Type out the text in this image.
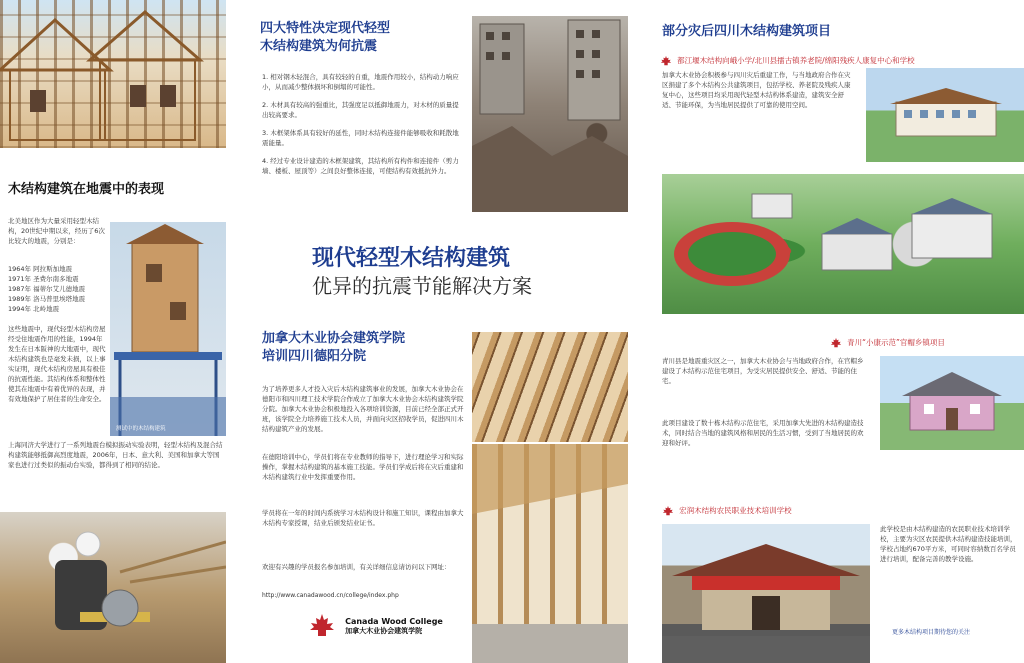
木结构建筑在地震中的表现
北美地区作为大量采用轻型木结构，20世纪中期以来，经历了6次比较大的地震，分别是：
1964年 阿拉斯加地震
1971年 圣费尔南多地震
1987年 福蒂尔艾儿德地震
1989年 洛马普里埃塔地震
1994年 北岭地震
这些地震中，现代轻型木结构房屋经受住地震作用的性能，1994年发生在日本阪神的大地震中，现代木结构建筑也是毫发未损，以上事实证明，现代木结构房屋具有极佳的抗震性能。其结构体系和整体性使其在地震中有着优异的表现，并有效地保护了居住者的生命安全。
测试中的木结构建筑
上海同济大学进行了一系列地震台模拟振动实验表明，轻型木结构及混合结构建筑能够抵御高烈度地震，2006年，日本、意大利、美国和加拿大等国家也进行过类似的振动台实验，都得到了相同的结论。
四大特性决定现代轻型
木结构建筑为何抗震
1. 相对钢木轻混合，具有较轻的自重，地震作用较小，结构动力响应小，从而减少整体损坏和倒塌的可能性。
2. 木材具有较高的强重比，其强度足以抵御地震力，对木材的质量提出较高要求。
3. 木框架体系具有较好的延性，同时木结构连接件能够吸收和耗散地震能量。
4. 经过专业设计建造的木框架建筑，其结构所有构件和连接件（剪力墙、楼板、屋顶等）之间良好整体连接，可使结构有效抵抗外力。
现代轻型木结构建筑
优异的抗震节能解决方案
加拿大木业协会建筑学院
培训四川德阳分院
为了培养更多人才投入灾后木结构建筑事业的发展，加拿大木业协会在德阳市和四川理工技术学院合作成立了加拿大木业协会木结构建筑学院分院。加拿大木业协会积极地投入各项培训资源，目前已经全部正式开班，该学院全力培养施工技术人员，并面向灾区招收学员，促进四川木结构建筑产业的发展。
在德阳培训中心，学员们将在专业教师的指导下，进行理论学习和实际操作，掌握木结构建筑的基本施工技能。学员们学成后将在灾后重建和木结构建筑行业中发挥重要作用。
学员将在一年的时间内系统学习木结构设计和施工知识，课程由加拿大木结构专家授课，结业后颁发结业证书。
欢迎有兴趣的学员报名参加培训，有关详细信息请访问以下网址：
http://www.canadawood.cn/college/index.php

Canada Wood College
加拿大木业协会建筑学院
部分灾后四川木结构建筑项目
都江堰木结构向峨小学/北川县擂古镇养老院/绵阳残疾人康复中心和学校
加拿大木业协会积极参与四川灾后重建工作，与当地政府合作在灾区捐建了多个木结构公共建筑项目，包括学校、养老院及残疾人康复中心，这些项目均采用现代轻型木结构体系建造，建筑安全舒适、节能环保，为当地居民提供了可靠的使用空间。
青川“小康示范”官帽乡镇项目
青川县是地震重灾区之一，加拿大木业协会与当地政府合作，在官帽乡建设了木结构示范住宅项目，为受灾居民提供安全、舒适、节能的住宅。
此项目建设了数十栋木结构示范住宅，采用加拿大先进的木结构建造技术，同时结合当地的建筑风格和居民的生活习惯，受到了当地居民的欢迎和好评。
宏润木结构农民职业技术培训学校
此学校是由木结构建造的农民职业技术培训学校，主要为灾区农民提供木结构建造技能培训，学校占地约670平方米，可同时容纳数百名学员进行培训，配备完善的教学设施。
更多木结构项目期待您的关注
